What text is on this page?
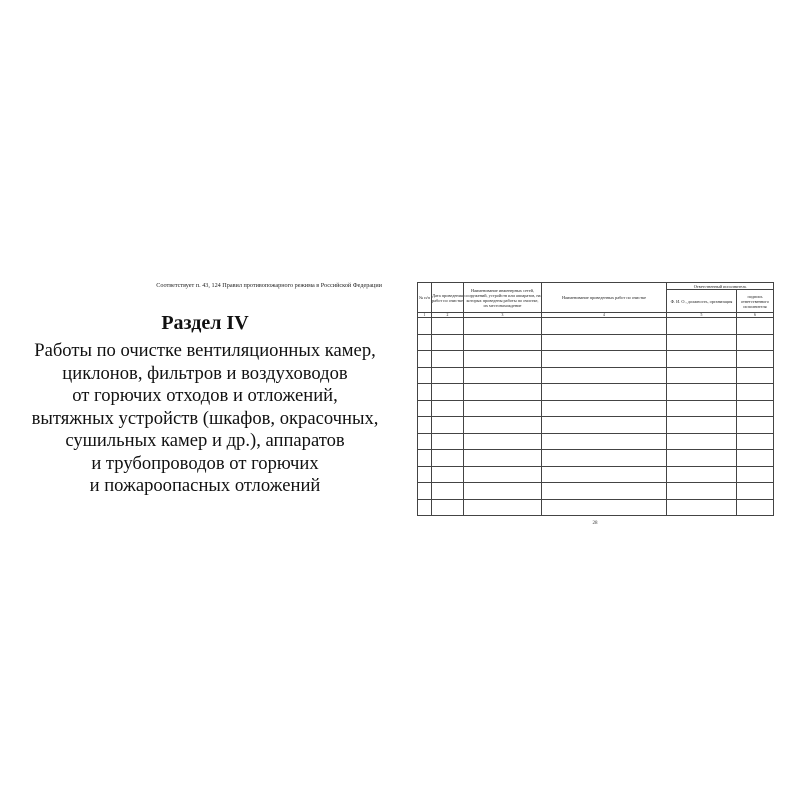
Соответствует п. 43, 124 Правил противопожарного режима в Российской Федерации
Раздел IV
Работы по очистке вентиляционных камер,
циклонов, фильтров и воздуховодов
от горючих отходов и отложений,
вытяжных устройств (шкафов, окрасочных,
сушильных камер и др.), аппаратов
и трубопроводов от горючих
и пожароопасных отложений
№ п/п	Дата проведения работ по очистке	Наименование инженерных сетей, сооружений, устройств или аппаратов, на которых проведены работы по очистке, их местонахождение	Наименование проведенных работ по очистке	Ответственный исполнитель	
				Ф. И. О., должность, организация	подпись ответственного исполнителя
1	2	3	4	5	6

28
